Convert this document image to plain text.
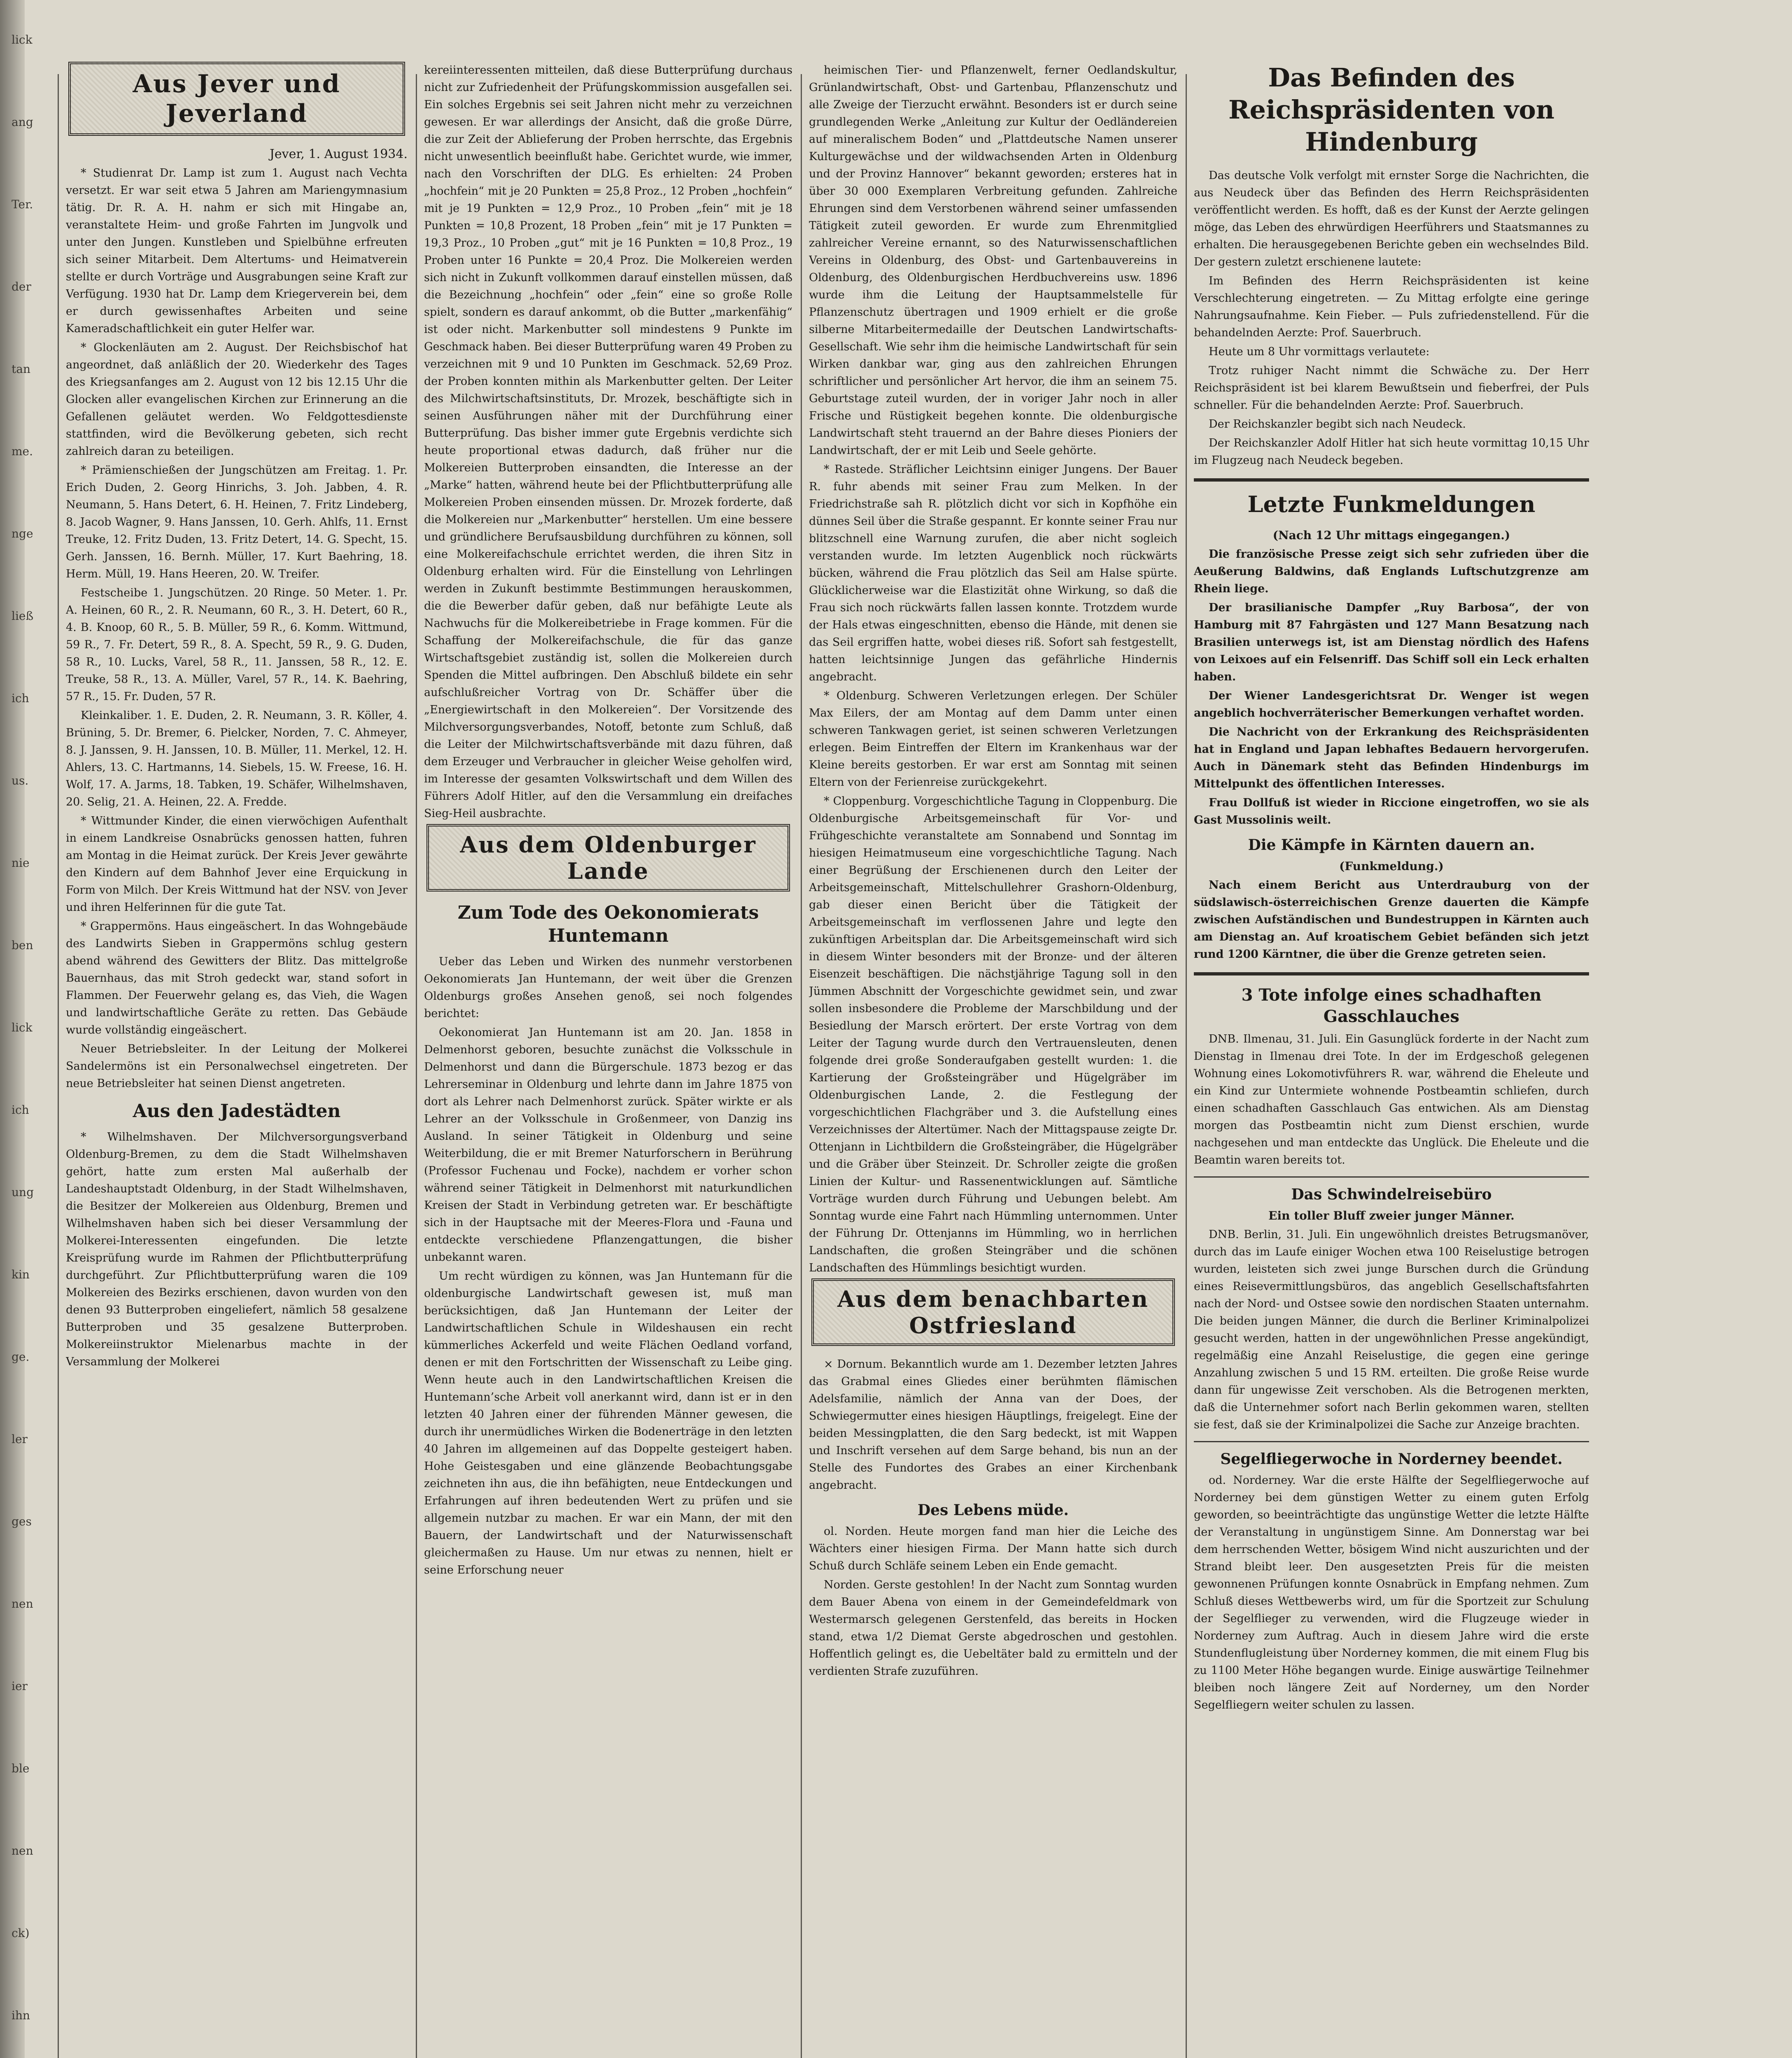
lick
ang
Ter.
der
tan
me.
nge
ließ
ich
us.
nie
ben
lick
ich
ung
kin
ge.
ler
ges
nen
ier
ble
nen
ck)
ihn
Aus Jever und Jeverland

Jever, 1. August 1934.

* Studienrat Dr. Lamp ist zum 1. August nach Vechta versetzt. Er war seit etwa 5 Jahren am Mariengymnasium tätig. Dr. R. A. H. nahm er sich mit Hingabe an, veranstaltete Heim- und große Fahrten im Jungvolk und unter den Jungen. Kunstleben und Spielbühne erfreuten sich seiner Mitarbeit. Dem Altertums- und Heimatverein stellte er durch Vorträge und Ausgrabungen seine Kraft zur Verfügung. 1930 hat Dr. Lamp dem Kriegerverein bei, dem er durch gewissenhaftes Arbeiten und seine Kameradschaftlichkeit ein guter Helfer war.

* Glockenläuten am 2. August. Der Reichsbischof hat angeordnet, daß anläßlich der 20. Wiederkehr des Tages des Kriegsanfanges am 2. August von 12 bis 12.15 Uhr die Glocken aller evangelischen Kirchen zur Erinnerung an die Gefallenen geläutet werden. Wo Feldgottesdienste stattfinden, wird die Bevölkerung gebeten, sich recht zahlreich daran zu beteiligen.

* Prämienschießen der Jungschützen am Freitag. 1. Pr. Erich Duden, 2. Georg Hinrichs, 3. Joh. Jabben, 4. R. Neumann, 5. Hans Detert, 6. H. Heinen, 7. Fritz Lindeberg, 8. Jacob Wagner, 9. Hans Janssen, 10. Gerh. Ahlfs, 11. Ernst Treuke, 12. Fritz Duden, 13. Fritz Detert, 14. G. Specht, 15. Gerh. Janssen, 16. Bernh. Müller, 17. Kurt Baehring, 18. Herm. Müll, 19. Hans Heeren, 20. W. Treifer.

Festscheibe 1. Jungschützen. 20 Ringe. 50 Meter. 1. Pr. A. Heinen, 60 R., 2. R. Neumann, 60 R., 3. H. Detert, 60 R., 4. B. Knoop, 60 R., 5. B. Müller, 59 R., 6. Komm. Wittmund, 59 R., 7. Fr. Detert, 59 R., 8. A. Specht, 59 R., 9. G. Duden, 58 R., 10. Lucks, Varel, 58 R., 11. Janssen, 58 R., 12. E. Treuke, 58 R., 13. A. Müller, Varel, 57 R., 14. K. Baehring, 57 R., 15. Fr. Duden, 57 R.

Kleinkaliber. 1. E. Duden, 2. R. Neumann, 3. R. Köller, 4. Brüning, 5. Dr. Bremer, 6. Pielcker, Norden, 7. C. Ahmeyer, 8. J. Janssen, 9. H. Janssen, 10. B. Müller, 11. Merkel, 12. H. Ahlers, 13. C. Hartmanns, 14. Siebels, 15. W. Freese, 16. H. Wolf, 17. A. Jarms, 18. Tabken, 19. Schäfer, Wilhelmshaven, 20. Selig, 21. A. Heinen, 22. A. Fredde.

* Wittmunder Kinder, die einen vierwöchigen Aufenthalt in einem Landkreise Osnabrücks genossen hatten, fuhren am Montag in die Heimat zurück. Der Kreis Jever gewährte den Kindern auf dem Bahnhof Jever eine Erquickung in Form von Milch. Der Kreis Wittmund hat der NSV. von Jever und ihren Helferinnen für die gute Tat.

* Grappermöns. Haus eingeäschert. In das Wohngebäude des Landwirts Sieben in Grappermöns schlug gestern abend während des Gewitters der Blitz. Das mittelgroße Bauernhaus, das mit Stroh gedeckt war, stand sofort in Flammen. Der Feuerwehr gelang es, das Vieh, die Wagen und landwirtschaftliche Geräte zu retten. Das Gebäude wurde vollständig eingeäschert.

Neuer Betriebsleiter. In der Leitung der Molkerei Sandelermöns ist ein Personalwechsel eingetreten. Der neue Betriebsleiter hat seinen Dienst angetreten.

Aus den Jadestädten

* Wilhelmshaven. Der Milchversorgungsverband Oldenburg-Bremen, zu dem die Stadt Wilhelmshaven gehört, hatte zum ersten Mal außerhalb der Landeshauptstadt Oldenburg, in der Stadt Wilhelmshaven, die Besitzer der Molkereien aus Oldenburg, Bremen und Wilhelmshaven haben sich bei dieser Versammlung der Molkerei-Interessenten eingefunden. Die letzte Kreisprüfung wurde im Rahmen der Pflichtbutterprüfung durchgeführt. Zur Pflichtbutterprüfung waren die 109 Molkereien des Bezirks erschienen, davon wurden von den denen 93 Butterproben eingeliefert, nämlich 58 gesalzene Butterproben und 35 gesalzene Butterproben. Molkereiinstruktor Mielenarbus machte in der Versammlung der Molkerei

kereiinteressenten mitteilen, daß diese Butterprüfung durchaus nicht zur Zufriedenheit der Prüfungskommission ausgefallen sei. Ein solches Ergebnis sei seit Jahren nicht mehr zu verzeichnen gewesen. Er war allerdings der Ansicht, daß die große Dürre, die zur Zeit der Ablieferung der Proben herrschte, das Ergebnis nicht unwesentlich beeinflußt habe. Gerichtet wurde, wie immer, nach den Vorschriften der DLG. Es erhielten: 24 Proben „hochfein“ mit je 20 Punkten = 25,8 Proz., 12 Proben „hochfein“ mit je 19 Punkten = 12,9 Proz., 10 Proben „fein“ mit je 18 Punkten = 10,8 Prozent, 18 Proben „fein“ mit je 17 Punkten = 19,3 Proz., 10 Proben „gut“ mit je 16 Punkten = 10,8 Proz., 19 Proben unter 16 Punkte = 20,4 Proz. Die Molkereien werden sich nicht in Zukunft vollkommen darauf einstellen müssen, daß die Bezeichnung „hochfein“ oder „fein“ eine so große Rolle spielt, sondern es darauf ankommt, ob die Butter „markenfähig“ ist oder nicht. Markenbutter soll mindestens 9 Punkte im Geschmack haben. Bei dieser Butterprüfung waren 49 Proben zu verzeichnen mit 9 und 10 Punkten im Geschmack. 52,69 Proz. der Proben konnten mithin als Markenbutter gelten. Der Leiter des Milchwirtschaftsinstituts, Dr. Mrozek, beschäftigte sich in seinen Ausführungen näher mit der Durchführung einer Butterprüfung. Das bisher immer gute Ergebnis verdichte sich heute proportional etwas dadurch, daß früher nur die Molkereien Butterproben einsandten, die Interesse an der „Marke“ hatten, während heute bei der Pflichtbutterprüfung alle Molkereien Proben einsenden müssen. Dr. Mrozek forderte, daß die Molkereien nur „Markenbutter“ herstellen. Um eine bessere und gründlichere Berufsausbildung durchführen zu können, soll eine Molkereifachschule errichtet werden, die ihren Sitz in Oldenburg erhalten wird. Für die Einstellung von Lehrlingen werden in Zukunft bestimmte Bestimmungen herauskommen, die die Bewerber dafür geben, daß nur befähigte Leute als Nachwuchs für die Molkereibetriebe in Frage kommen. Für die Schaffung der Molkereifachschule, die für das ganze Wirtschaftsgebiet zuständig ist, sollen die Molkereien durch Spenden die Mittel aufbringen. Den Abschluß bildete ein sehr aufschlußreicher Vortrag von Dr. Schäffer über die „Energiewirtschaft in den Molkereien“. Der Vorsitzende des Milchversorgungsverbandes, Notoff, betonte zum Schluß, daß die Leiter der Milchwirtschaftsverbände mit dazu führen, daß dem Erzeuger und Verbraucher in gleicher Weise geholfen wird, im Interesse der gesamten Volkswirtschaft und dem Willen des Führers Adolf Hitler, auf den die Versammlung ein dreifaches Sieg-Heil ausbrachte.

Aus dem Oldenburger Lande
Zum Tode des Oekonomierats Huntemann

Ueber das Leben und Wirken des nunmehr verstorbenen Oekonomierats Jan Huntemann, der weit über die Grenzen Oldenburgs großes Ansehen genoß, sei noch folgendes berichtet:

Oekonomierat Jan Huntemann ist am 20. Jan. 1858 in Delmenhorst geboren, besuchte zunächst die Volksschule in Delmenhorst und dann die Bürgerschule. 1873 bezog er das Lehrerseminar in Oldenburg und lehrte dann im Jahre 1875 von dort als Lehrer nach Delmenhorst zurück. Später wirkte er als Lehrer an der Volksschule in Großenmeer, von Danzig ins Ausland. In seiner Tätigkeit in Oldenburg und seine Weiterbildung, die er mit Bremer Naturforschern in Berührung (Professor Fuchenau und Focke), nachdem er vorher schon während seiner Tätigkeit in Delmenhorst mit naturkundlichen Kreisen der Stadt in Verbindung getreten war. Er beschäftigte sich in der Hauptsache mit der Meeres-Flora und -Fauna und entdeckte verschiedene Pflanzengattungen, die bisher unbekannt waren.

Um recht würdigen zu können, was Jan Huntemann für die oldenburgische Landwirtschaft gewesen ist, muß man berücksichtigen, daß Jan Huntemann der Leiter der Landwirtschaftlichen Schule in Wildeshausen ein recht kümmerliches Ackerfeld und weite Flächen Oedland vorfand, denen er mit den Fortschritten der Wissenschaft zu Leibe ging. Wenn heute auch in den Landwirtschaftlichen Kreisen die Huntemann’sche Arbeit voll anerkannt wird, dann ist er in den letzten 40 Jahren einer der führenden Männer gewesen, die durch ihr unermüdliches Wirken die Bodenerträge in den letzten 40 Jahren im allgemeinen auf das Doppelte gesteigert haben. Hohe Geistesgaben und eine glänzende Beobachtungsgabe zeichneten ihn aus, die ihn befähigten, neue Entdeckungen und Erfahrungen auf ihren bedeutenden Wert zu prüfen und sie allgemein nutzbar zu machen. Er war ein Mann, der mit den Bauern, der Landwirtschaft und der Naturwissenschaft gleichermaßen zu Hause. Um nur etwas zu nennen, hielt er seine Erforschung neuer

heimischen Tier- und Pflanzenwelt, ferner Oedlandskultur, Grünlandwirtschaft, Obst- und Gartenbau, Pflanzenschutz und alle Zweige der Tierzucht erwähnt. Besonders ist er durch seine grundlegenden Werke „Anleitung zur Kultur der Oedländereien auf mineralischem Boden“ und „Plattdeutsche Namen unserer Kulturgewächse und der wildwachsenden Arten in Oldenburg und der Provinz Hannover“ bekannt geworden; ersteres hat in über 30 000 Exemplaren Verbreitung gefunden. Zahlreiche Ehrungen sind dem Verstorbenen während seiner umfassenden Tätigkeit zuteil geworden. Er wurde zum Ehrenmitglied zahlreicher Vereine ernannt, so des Naturwissenschaftlichen Vereins in Oldenburg, des Obst- und Gartenbauvereins in Oldenburg, des Oldenburgischen Herdbuchvereins usw. 1896 wurde ihm die Leitung der Hauptsammelstelle für Pflanzenschutz übertragen und 1909 erhielt er die große silberne Mitarbeitermedaille der Deutschen Landwirtschafts-Gesellschaft. Wie sehr ihm die heimische Landwirtschaft für sein Wirken dankbar war, ging aus den zahlreichen Ehrungen schriftlicher und persönlicher Art hervor, die ihm an seinem 75. Geburtstage zuteil wurden, der in voriger Jahr noch in aller Frische und Rüstigkeit begehen konnte. Die oldenburgische Landwirtschaft steht trauernd an der Bahre dieses Pioniers der Landwirtschaft, der er mit Leib und Seele gehörte.

* Rastede. Sträflicher Leichtsinn einiger Jungens. Der Bauer R. fuhr abends mit seiner Frau zum Melken. In der Friedrichstraße sah R. plötzlich dicht vor sich in Kopfhöhe ein dünnes Seil über die Straße gespannt. Er konnte seiner Frau nur blitzschnell eine Warnung zurufen, die aber nicht sogleich verstanden wurde. Im letzten Augenblick noch rückwärts bücken, während die Frau plötzlich das Seil am Halse spürte. Glücklicherweise war die Elastizität ohne Wirkung, so daß die Frau sich noch rückwärts fallen lassen konnte. Trotzdem wurde der Hals etwas eingeschnitten, ebenso die Hände, mit denen sie das Seil ergriffen hatte, wobei dieses riß. Sofort sah festgestellt, hatten leichtsinnige Jungen das gefährliche Hindernis angebracht.

* Oldenburg. Schweren Verletzungen erlegen. Der Schüler Max Eilers, der am Montag auf dem Damm unter einen schweren Tankwagen geriet, ist seinen schweren Verletzungen erlegen. Beim Eintreffen der Eltern im Krankenhaus war der Kleine bereits gestorben. Er war erst am Sonntag mit seinen Eltern von der Ferienreise zurückgekehrt.

* Cloppenburg. Vorgeschichtliche Tagung in Cloppenburg. Die Oldenburgische Arbeitsgemeinschaft für Vor- und Frühgeschichte veranstaltete am Sonnabend und Sonntag im hiesigen Heimatmuseum eine vorgeschichtliche Tagung. Nach einer Begrüßung der Erschienenen durch den Leiter der Arbeitsgemeinschaft, Mittelschullehrer Grashorn-Oldenburg, gab dieser einen Bericht über die Tätigkeit der Arbeitsgemeinschaft im verflossenen Jahre und legte den zukünftigen Arbeitsplan dar. Die Arbeitsgemeinschaft wird sich in diesem Winter besonders mit der Bronze- und der älteren Eisenzeit beschäftigen. Die nächstjährige Tagung soll in den Jümmen Abschnitt der Vorgeschichte gewidmet sein, und zwar sollen insbesondere die Probleme der Marschbildung und der Besiedlung der Marsch erörtert. Der erste Vortrag von dem Leiter der Tagung wurde durch den Vertrauensleuten, denen folgende drei große Sonderaufgaben gestellt wurden: 1. die Kartierung der Großsteingräber und Hügelgräber im Oldenburgischen Lande, 2. die Festlegung der vorgeschichtlichen Flachgräber und 3. die Aufstellung eines Verzeichnisses der Altertümer. Nach der Mittagspause zeigte Dr. Ottenjann in Lichtbildern die Großsteingräber, die Hügelgräber und die Gräber über Steinzeit. Dr. Schroller zeigte die großen Linien der Kultur- und Rassenentwicklungen auf. Sämtliche Vorträge wurden durch Führung und Uebungen belebt. Am Sonntag wurde eine Fahrt nach Hümmling unternommen. Unter der Führung Dr. Ottenjanns im Hümmling, wo in herrlichen Landschaften, die großen Steingräber und die schönen Landschaften des Hümmlings besichtigt wurden.

Aus dem benachbarten Ostfriesland

× Dornum. Bekanntlich wurde am 1. Dezember letzten Jahres das Grabmal eines Gliedes einer berühmten flämischen Adelsfamilie, nämlich der Anna van der Does, der Schwiegermutter eines hiesigen Häuptlings, freigelegt. Eine der beiden Messingplatten, die den Sarg bedeckt, ist mit Wappen und Inschrift versehen auf dem Sarge behand, bis nun an der Stelle des Fundortes des Grabes an einer Kirchenbank angebracht.

Des Lebens müde.

ol. Norden. Heute morgen fand man hier die Leiche des Wächters einer hiesigen Firma. Der Mann hatte sich durch Schuß durch Schläfe seinem Leben ein Ende gemacht.

Norden. Gerste gestohlen! In der Nacht zum Sonntag wurden dem Bauer Abena von einem in der Gemeindefeldmark von Westermarsch gelegenen Gerstenfeld, das bereits in Hocken stand, etwa 1/2 Diemat Gerste abgedroschen und gestohlen. Hoffentlich gelingt es, die Uebeltäter bald zu ermitteln und der verdienten Strafe zuzuführen.

Das Befinden des Reichspräsidenten von Hindenburg

Das deutsche Volk verfolgt mit ernster Sorge die Nachrichten, die aus Neudeck über das Befinden des Herrn Reichspräsidenten veröffentlicht werden. Es hofft, daß es der Kunst der Aerzte gelingen möge, das Leben des ehrwürdigen Heerführers und Staatsmannes zu erhalten. Die herausgegebenen Berichte geben ein wechselndes Bild. Der gestern zuletzt erschienene lautete:

Im Befinden des Herrn Reichspräsidenten ist keine Verschlechterung eingetreten. — Zu Mittag erfolgte eine geringe Nahrungsaufnahme. Kein Fieber. — Puls zufriedenstellend. Für die behandelnden Aerzte: Prof. Sauerbruch.

Heute um 8 Uhr vormittags verlautete:

Trotz ruhiger Nacht nimmt die Schwäche zu. Der Herr Reichspräsident ist bei klarem Bewußtsein und fieberfrei, der Puls schneller. Für die behandelnden Aerzte: Prof. Sauerbruch.

Der Reichskanzler begibt sich nach Neudeck.

Der Reichskanzler Adolf Hitler hat sich heute vormittag 10,15 Uhr im Flugzeug nach Neudeck begeben.

Letzte Funkmeldungen

(Nach 12 Uhr mittags eingegangen.)

Die französische Presse zeigt sich sehr zufrieden über die Aeußerung Baldwins, daß Englands Luftschutzgrenze am Rhein liege.

Der brasilianische Dampfer „Ruy Barbosa“, der von Hamburg mit 87 Fahrgästen und 127 Mann Besatzung nach Brasilien unterwegs ist, ist am Dienstag nördlich des Hafens von Leixoes auf ein Felsenriff. Das Schiff soll ein Leck erhalten haben.

Der Wiener Landesgerichtsrat Dr. Wenger ist wegen angeblich hochverräterischer Bemerkungen verhaftet worden.

Die Nachricht von der Erkrankung des Reichspräsidenten hat in England und Japan lebhaftes Bedauern hervorgerufen. Auch in Dänemark steht das Befinden Hindenburgs im Mittelpunkt des öffentlichen Interesses.

Frau Dollfuß ist wieder in Riccione eingetroffen, wo sie als Gast Mussolinis weilt.

Die Kämpfe in Kärnten dauern an.

(Funkmeldung.)

Nach einem Bericht aus Unterdrauburg von der südslawisch-österreichischen Grenze dauerten die Kämpfe zwischen Aufständischen und Bundestruppen in Kärnten auch am Dienstag an. Auf kroatischem Gebiet befänden sich jetzt rund 1200 Kärntner, die über die Grenze getreten seien.

3 Tote infolge eines schadhaften Gasschlauches

DNB. Ilmenau, 31. Juli. Ein Gasunglück forderte in der Nacht zum Dienstag in Ilmenau drei Tote. In der im Erdgeschoß gelegenen Wohnung eines Lokomotivführers R. war, während die Eheleute und ein Kind zur Untermiete wohnende Postbeamtin schliefen, durch einen schadhaften Gasschlauch Gas entwichen. Als am Dienstag morgen das Postbeamtin nicht zum Dienst erschien, wurde nachgesehen und man entdeckte das Unglück. Die Eheleute und die Beamtin waren bereits tot.

Das Schwindelreisebüro

Ein toller Bluff zweier junger Männer.

DNB. Berlin, 31. Juli. Ein ungewöhnlich dreistes Betrugsmanöver, durch das im Laufe einiger Wochen etwa 100 Reiselustige betrogen wurden, leisteten sich zwei junge Burschen durch die Gründung eines Reisevermittlungsbüros, das angeblich Gesellschaftsfahrten nach der Nord- und Ostsee sowie den nordischen Staaten unternahm. Die beiden jungen Männer, die durch die Berliner Kriminalpolizei gesucht werden, hatten in der ungewöhnlichen Presse angekündigt, regelmäßig eine Anzahl Reiselustige, die gegen eine geringe Anzahlung zwischen 5 und 15 RM. erteilten. Die große Reise wurde dann für ungewisse Zeit verschoben. Als die Betrogenen merkten, daß die Unternehmer sofort nach Berlin gekommen waren, stellten sie fest, daß sie der Kriminalpolizei die Sache zur Anzeige brachten.

Segelfliegerwoche in Norderney beendet.

od. Norderney. War die erste Hälfte der Segelfliegerwoche auf Norderney bei dem günstigen Wetter zu einem guten Erfolg geworden, so beeinträchtigte das ungünstige Wetter die letzte Hälfte der Veranstaltung in ungünstigem Sinne. Am Donnerstag war bei dem herrschenden Wetter, bösigem Wind nicht auszurichten und der Strand bleibt leer. Den ausgesetzten Preis für die meisten gewonnenen Prüfungen konnte Osnabrück in Empfang nehmen. Zum Schluß dieses Wettbewerbs wird, um für die Sportzeit zur Schulung der Segelflieger zu verwenden, wird die Flugzeuge wieder in Norderney zum Auftrag. Auch in diesem Jahre wird die erste Stundenflugleistung über Norderney kommen, die mit einem Flug bis zu 1100 Meter Höhe begangen wurde. Einige auswärtige Teilnehmer bleiben noch längere Zeit auf Norderney, um den Norder Segelfliegern weiter schulen zu lassen.
